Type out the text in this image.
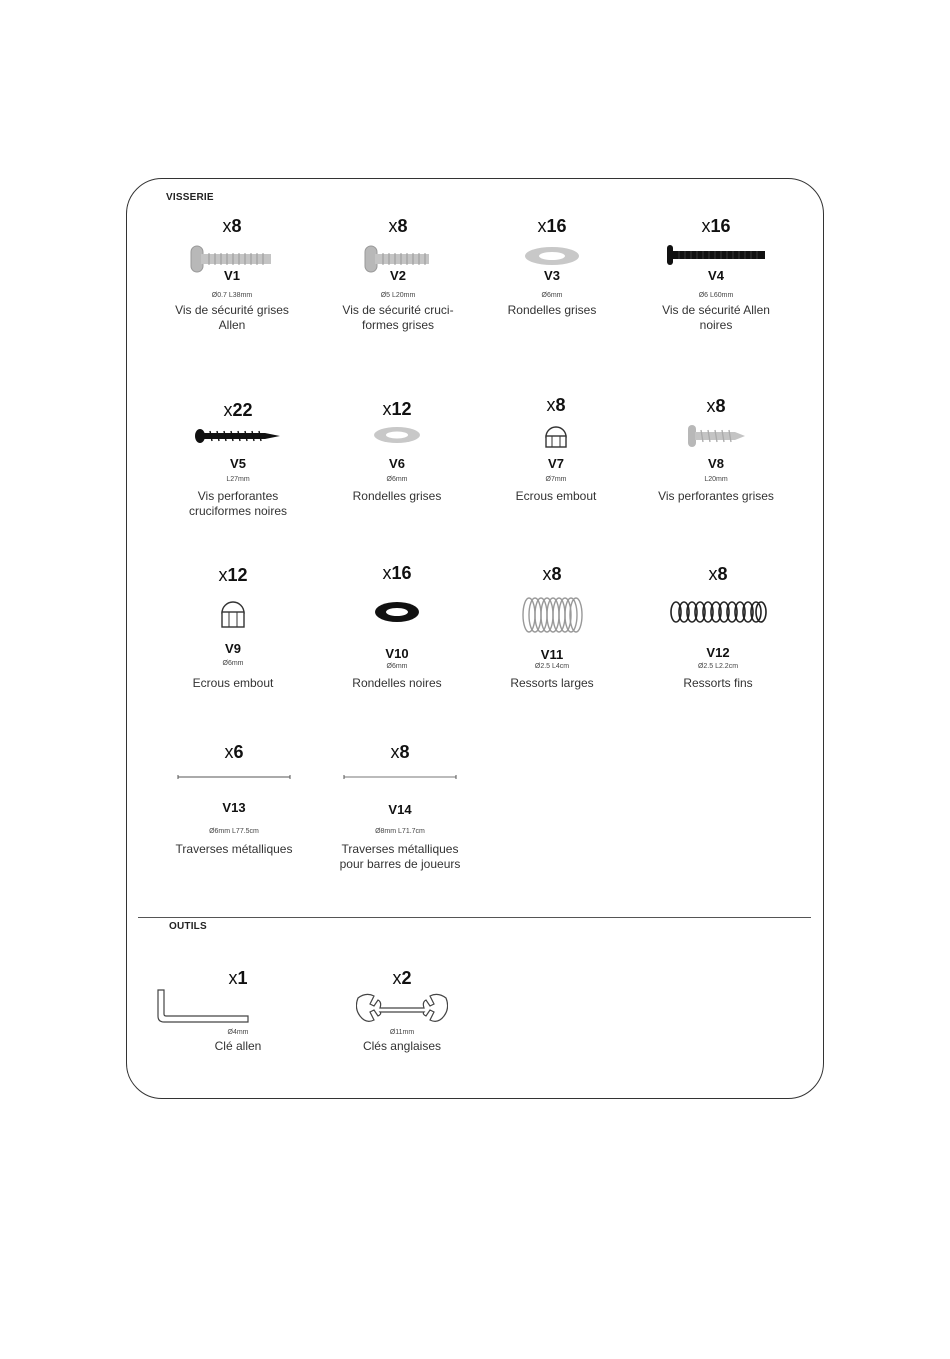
VISSERIE
OUTILS
x8
V1
Ø0.7 L38mm
Vis de sécurité grises
Allen
x8
V2
Ø5 L20mm
Vis de sécurité cruci-
formes grises
x16
V3
Ø6mm
Rondelles grises
x16
V4
Ø6 L60mm
Vis de sécurité Allen
noires
x22
V5
L27mm
Vis perforantes
cruciformes noires
x12
V6
Ø6mm
Rondelles grises
x8
V7
Ø7mm
Ecrous embout
x8
V8
L20mm
Vis perforantes grises
x12
V9
Ø6mm
Ecrous embout
x16
V10
Ø6mm
Rondelles noires
x8
V11
Ø2.5 L4cm
Ressorts larges
x8
V12
Ø2.5 L2.2cm
Ressorts fins
x6
V13
Ø6mm L77.5cm
Traverses métalliques
x8
V14
Ø8mm L71.7cm
Traverses métalliques
pour barres de joueurs
x1
Ø4mm
Clé allen
x2
Ø11mm
Clés anglaises
